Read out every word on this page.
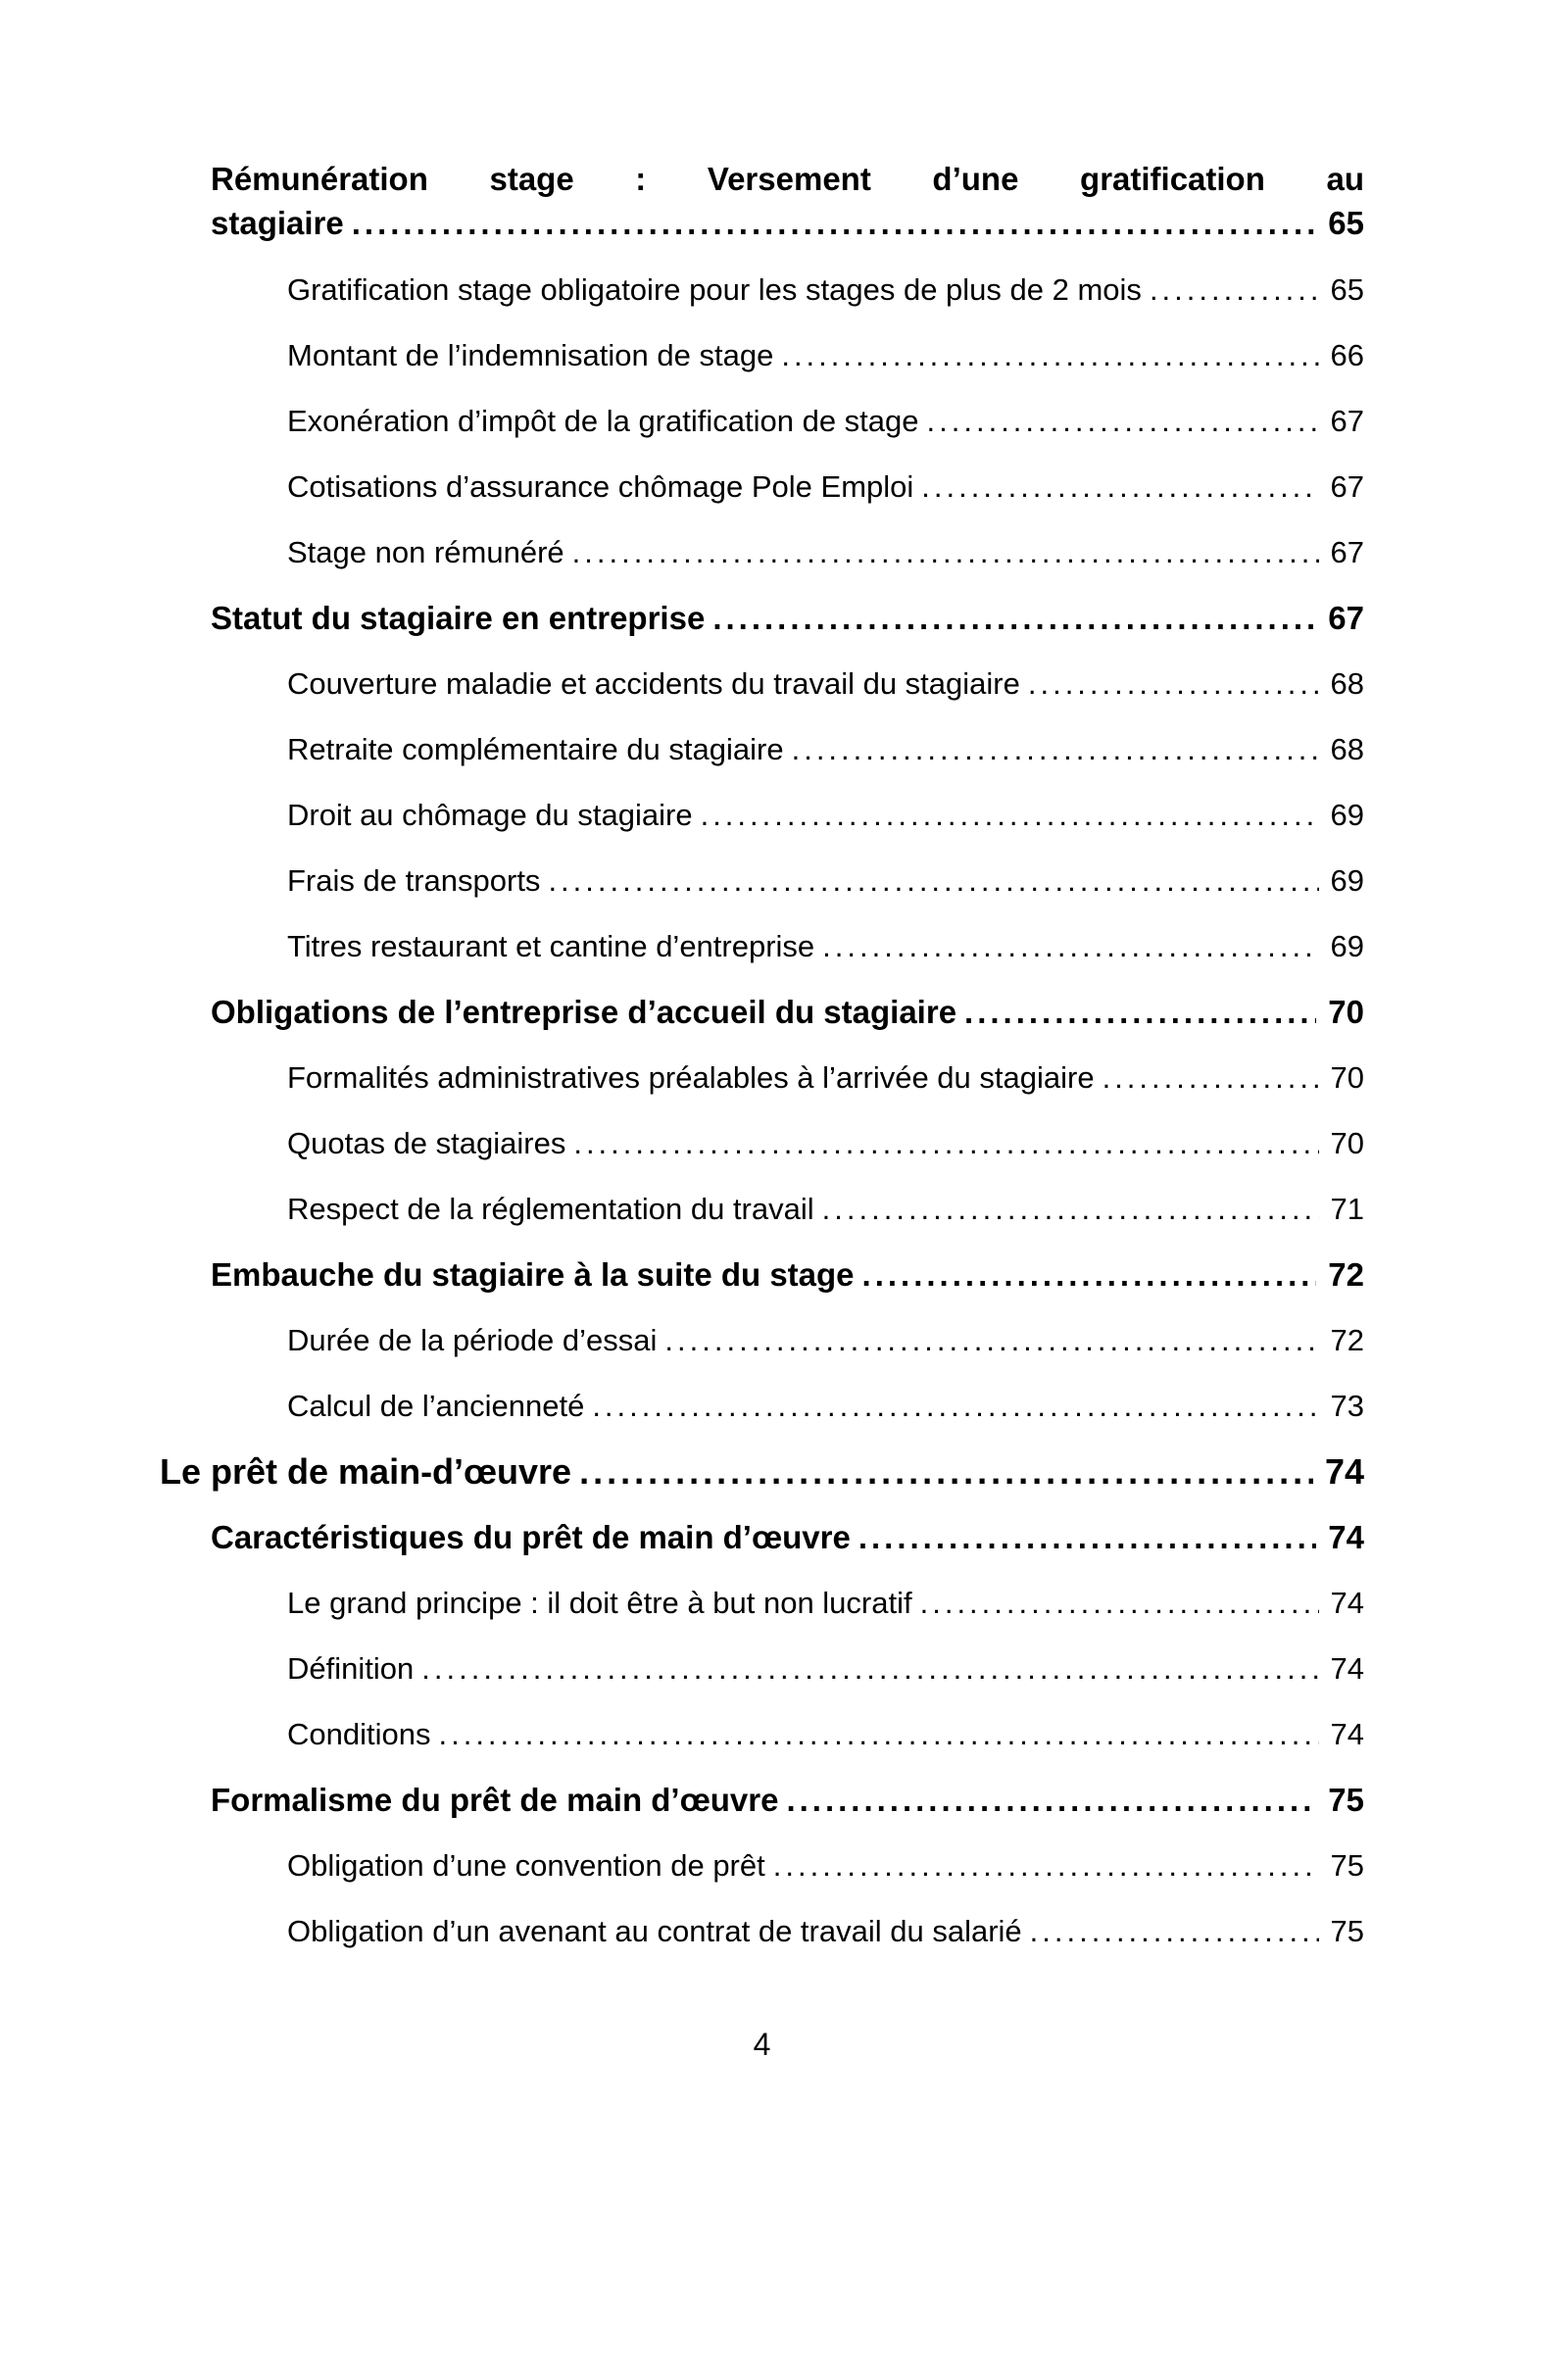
Rémunération stage : Versement d’une gratification au
stagiaire .....	65
Gratification stage obligatoire pour les stages de plus de 2 mois .....	65
Montant de l’indemnisation de stage .....	66
Exonération d’impôt de la gratification de stage .....	67
Cotisations d’assurance chômage Pole Emploi .....	67
Stage non rémunéré .....	67
Statut du stagiaire en entreprise .....	67
Couverture maladie et accidents du travail du stagiaire .....	68
Retraite complémentaire du stagiaire .....	68
Droit au chômage du stagiaire .....	69
Frais de transports .....	69
Titres restaurant et cantine d’entreprise .....	69
Obligations de l’entreprise d’accueil du stagiaire .....	70
Formalités administratives préalables à l’arrivée du stagiaire .....	70
Quotas de stagiaires .....	70
Respect de la réglementation du travail .....	71
Embauche du stagiaire à la suite du stage .....	72
Durée de la période d’essai .....	72
Calcul de l’ancienneté .....	73
Le prêt de main-d’œuvre .....	74
Caractéristiques du prêt de main d’œuvre .....	74
Le grand principe : il doit être à but non lucratif .....	74
Définition .....	74
Conditions .....	74
Formalisme du prêt de main d’œuvre .....	75
Obligation d’une convention de prêt .....	75
Obligation d’un avenant au contrat de travail du salarié .....	75
4
